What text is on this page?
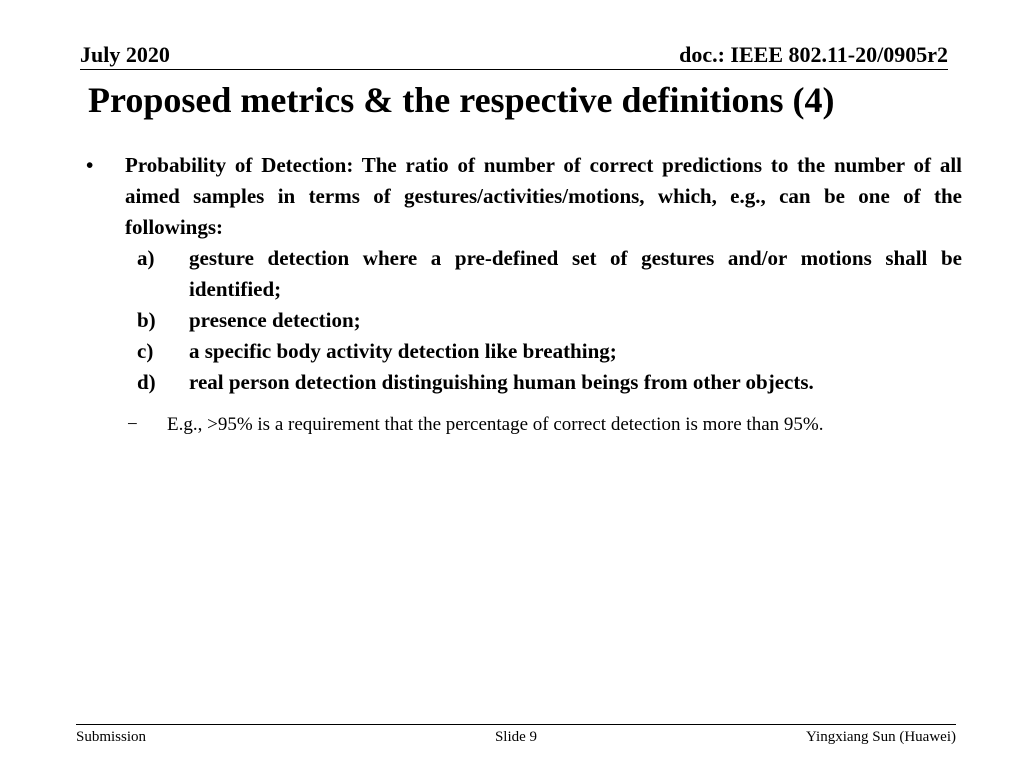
July 2020	doc.: IEEE 802.11-20/0905r2
Proposed metrics & the respective definitions (4)
•	Probability of Detection: The ratio of number of correct predictions to the number of all aimed samples in terms of gestures/activities/motions, which, e.g., can be one of the followings:
a)	gesture detection where a pre-defined set of gestures and/or motions shall be identified;
b)	presence detection;
c)	a specific body activity detection like breathing;
d)	real person detection distinguishing human beings from other objects.
−	E.g., >95% is a requirement that the percentage of correct detection is more than 95%.
Submission	Slide 9	Yingxiang Sun (Huawei)
